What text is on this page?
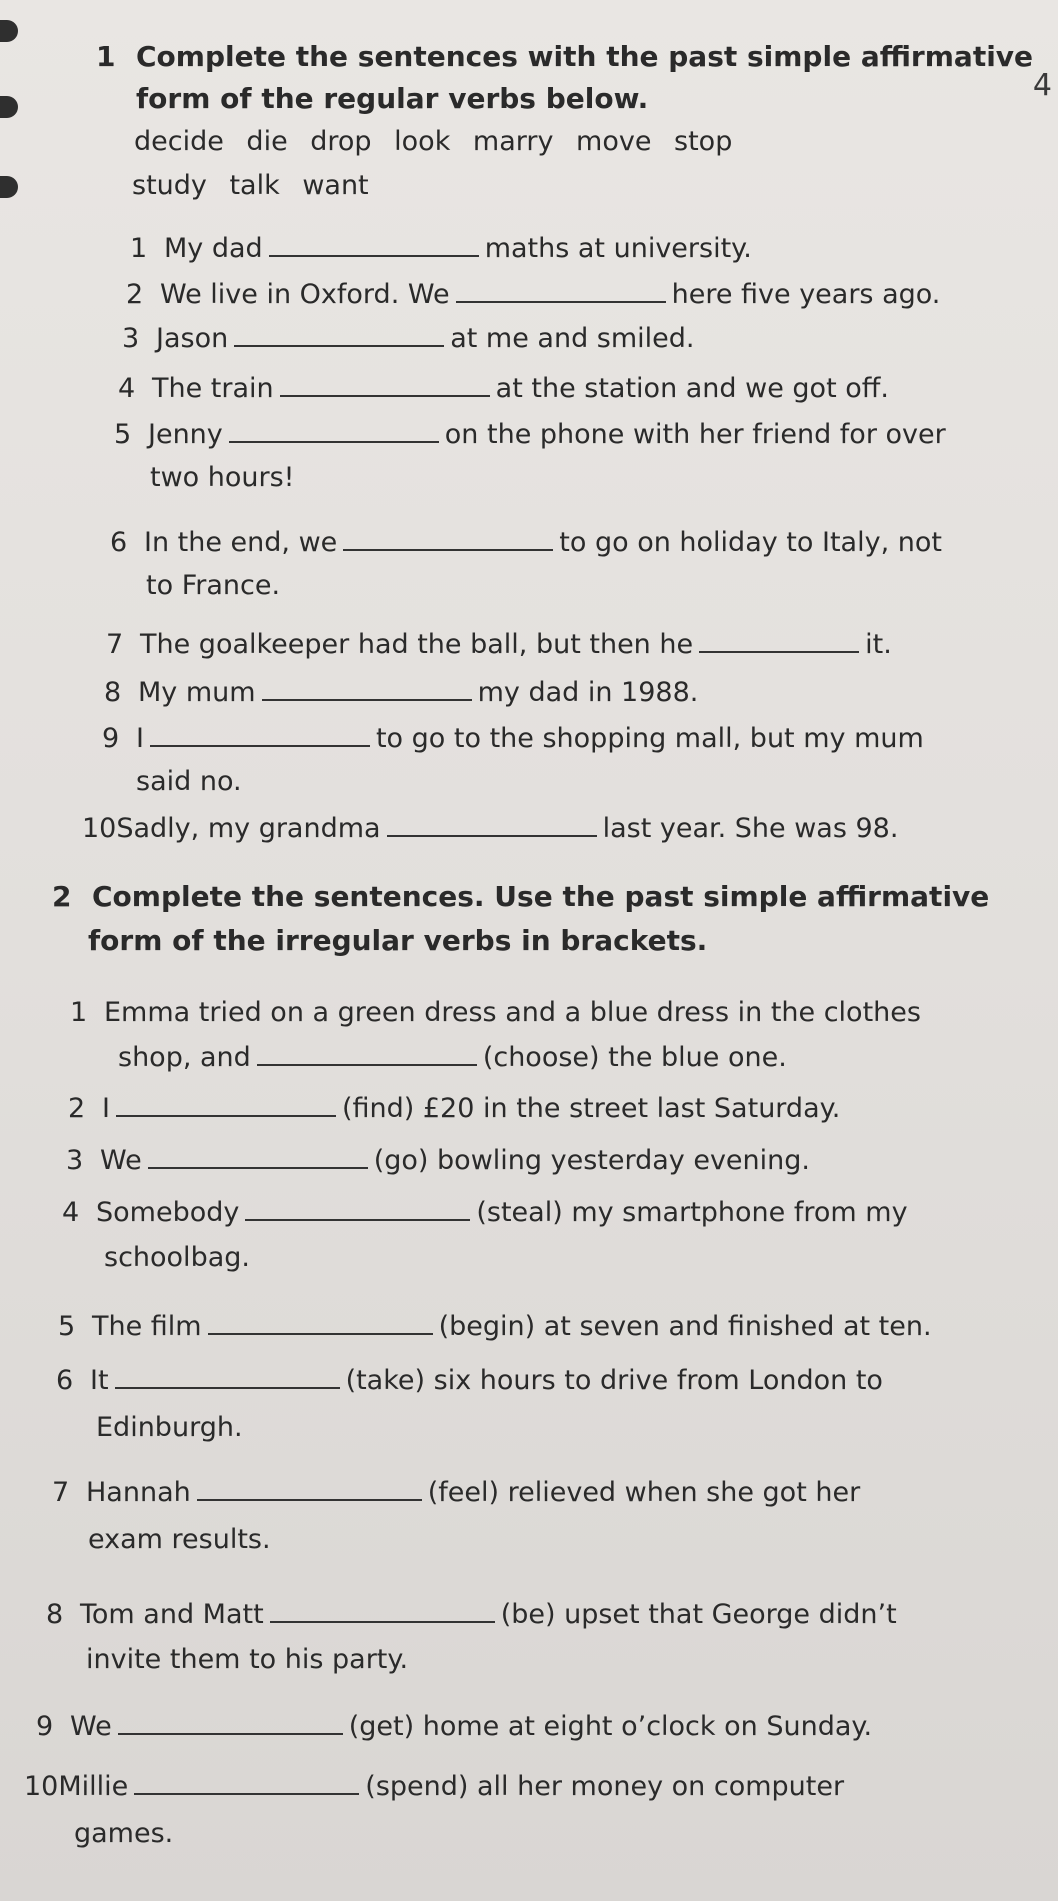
4
1 Complete the sentences with the past simple affirmative
form of the regular verbs below.
decide die drop look marry move stop
study talk want
1 My dad	maths at university.
2 We live in Oxford. We	here five years ago.
3 Jason	at me and smiled.
4 The train	at the station and we got off.
5 Jenny	on the phone with her friend for over
two hours!
6 In the end, we	to go on holiday to Italy, not
to France.
7 The goalkeeper had the ball, but then he	it.
8 My mum	my dad in 1988.
9 I	to go to the shopping mall, but my mum
said no.
10Sadly, my grandma	last year. She was 98.
2 Complete the sentences. Use the past simple affirmative
form of the irregular verbs in brackets.
1 Emma tried on a green dress and a blue dress in the clothes
shop, and	(choose) the blue one.
2 I	(find) £20 in the street last Saturday.
3 We	(go) bowling yesterday evening.
4 Somebody	(steal) my smartphone from my
schoolbag.
5 The film	(begin) at seven and finished at ten.
6 It	(take) six hours to drive from London to
Edinburgh.
7 Hannah	(feel) relieved when she got her
exam results.
8 Tom and Matt	(be) upset that George didn’t
invite them to his party.
9 We	(get) home at eight o’clock on Sunday.
10Millie	(spend) all her money on computer
games.
